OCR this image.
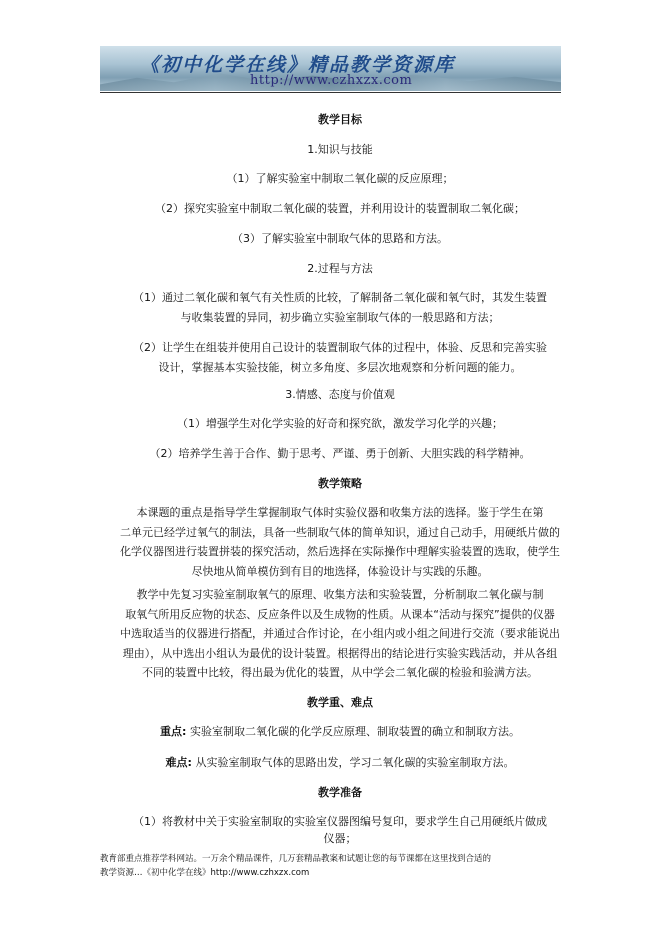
《初中化学在线》精品教学资源库
http://www.czhxzx.com
教学目标
1.知识与技能
（1）了解实验室中制取二氧化碳的反应原理；
（2）探究实验室中制取二氧化碳的装置，并利用设计的装置制取二氧化碳；
（3）了解实验室中制取气体的思路和方法。
2.过程与方法
（1）通过二氧化碳和氧气有关性质的比较，了解制备二氧化碳和氧气时，其发生装置
与收集装置的异同，初步确立实验室制取气体的一般思路和方法；
（2）让学生在组装并使用自己设计的装置制取气体的过程中，体验、反思和完善实验
设计，掌握基本实验技能，树立多角度、多层次地观察和分析问题的能力。
3.情感、态度与价值观
（1）增强学生对化学实验的好奇和探究欲，激发学习化学的兴趣；
（2）培养学生善于合作、勤于思考、严谨、勇于创新、大胆实践的科学精神。
教学策略
本课题的重点是指导学生掌握制取气体时实验仪器和收集方法的选择。鉴于学生在第
二单元已经学过氧气的制法，具备一些制取气体的简单知识，通过自己动手，用硬纸片做的
化学仪器图进行装置拼装的探究活动，然后选择在实际操作中理解实验装置的选取，使学生
尽快地从简单模仿到有目的地选择，体验设计与实践的乐趣。
教学中先复习实验室制取氧气的原理、收集方法和实验装置，分析制取二氧化碳与制
取氧气所用反应物的状态、反应条件以及生成物的性质。从课本“活动与探究”提供的仪器
中选取适当的仪器进行搭配，并通过合作讨论，在小组内或小组之间进行交流（要求能说出
理由），从中选出小组认为最优的设计装置。根据得出的结论进行实验实践活动，并从各组
不同的装置中比较，得出最为优化的装置，从中学会二氧化碳的检验和验满方法。
教学重、难点
重点: 实验室制取二氧化碳的化学反应原理、制取装置的确立和制取方法。
难点: 从实验室制取气体的思路出发，学习二氧化碳的实验室制取方法。
教学准备
（1）将教材中关于实验室制取的实验室仪器图编号复印，要求学生自己用硬纸片做成
仪器；
教育部重点推荐学科网站。一万余个精品课件，几万套精品教案和试题让您的每节课都在这里找到合适的
教学资源…《初中化学在线》http://www.czhxzx.com
